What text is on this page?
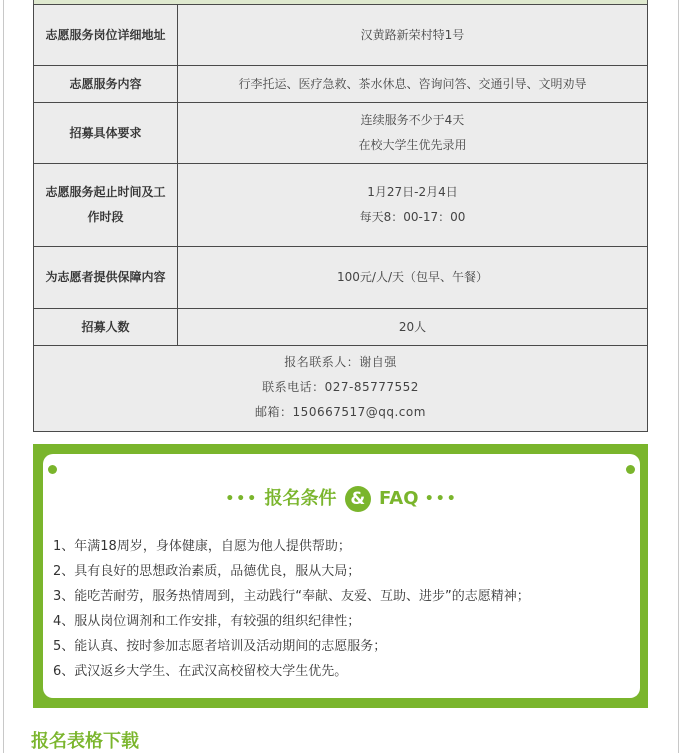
志愿服务岗位详细地址	汉黄路新荣村特1号

志愿服务内容	行李托运、医疗急救、茶水休息、咨询问答、交通引导、文明劝导

招募具体要求	连续服务不少于4天
在校大学生优先录用

志愿服务起止时间及工作时段	1月27日-2月4日
每天8：00-17：00

为志愿者提供保障内容	100元/人/天（包早、午餐）

招募人数	20人

报名联系人：谢自强
联系电话：027-85777552
邮箱：150667517@qq.com	
••• 报名条件 & FAQ •••
1、年满18周岁，身体健康，自愿为他人提供帮助；
2、具有良好的思想政治素质，品德优良，服从大局；
3、能吃苦耐劳，服务热情周到，主动践行“奉献、友爱、互助、进步”的志愿精神；
4、服从岗位调剂和工作安排，有较强的组织纪律性；
5、能认真、按时参加志愿者培训及活动期间的志愿服务；
6、武汉返乡大学生、在武汉高校留校大学生优先。
报名表格下载
